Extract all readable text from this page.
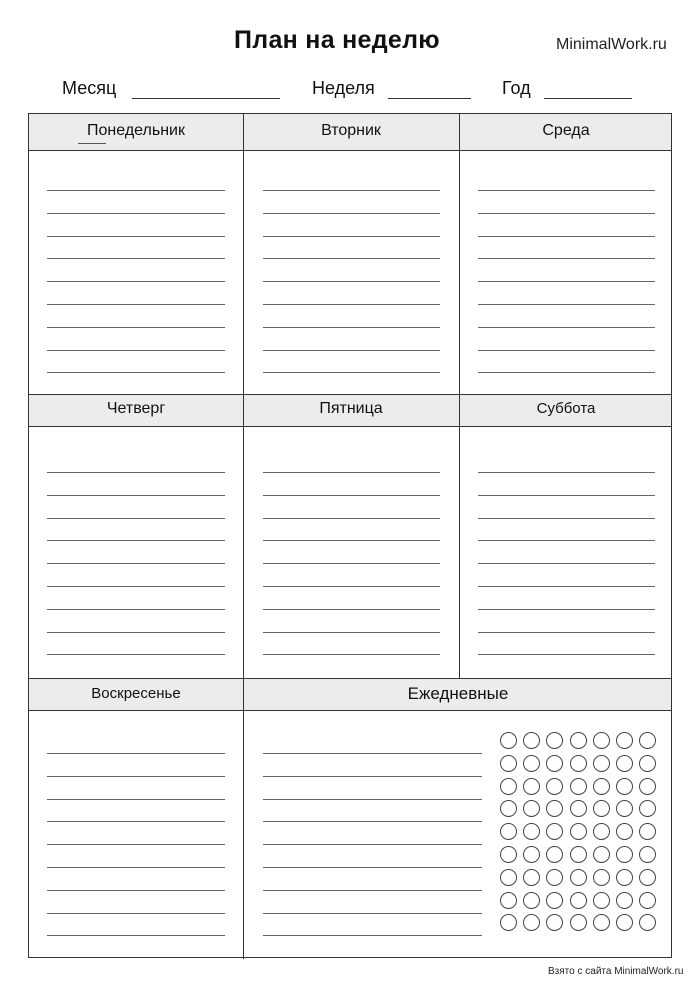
План на неделю	MinimalWork.ru
Месяц	Неделя	Год
Понедельник	Вторник	Среда
Четверг	Пятница	Суббота
Воскресенье	Ежедневные
Взято с сайта MinimalWork.ru
